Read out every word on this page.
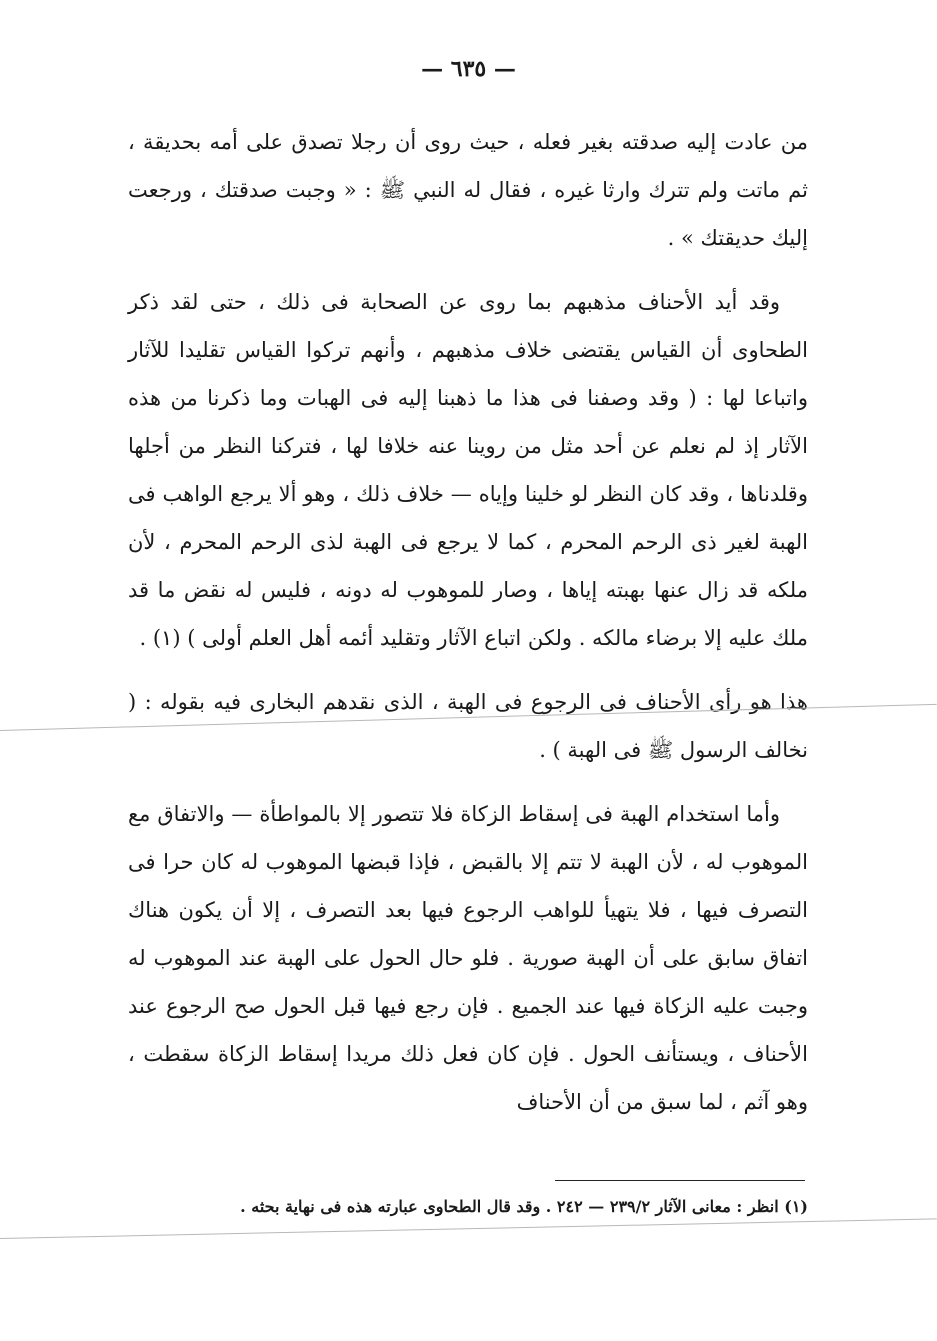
— ٦٣٥ —

من عادت إليه صدقته بغير فعله ، حيث روى أن رجلا تصدق على أمه بحديقة ، ثم ماتت ولم تترك وارثا غيره ، فقال له النبي ﷺ : « وجبت صدقتك ، ورجعت إليك حديقتك » .

وقد أيد الأحناف مذهبهم بما روى عن الصحابة فى ذلك ، حتى لقد ذكر الطحاوى أن القياس يقتضى خلاف مذهبهم ، وأنهم تركوا القياس تقليدا للآثار واتباعا لها : ( وقد وصفنا فى هذا ما ذهبنا إليه فى الهبات وما ذكرنا من هذه الآثار إذ لم نعلم عن أحد مثل من روينا عنه خلافا لها ، فتركنا النظر من أجلها وقلدناها ، وقد كان النظر لو خلينا وإياه — خلاف ذلك ، وهو ألا يرجع الواهب فى الهبة لغير ذى الرحم المحرم ، كما لا يرجع فى الهبة لذى الرحم المحرم ، لأن ملكه قد زال عنها بهبته إياها ، وصار للموهوب له دونه ، فليس له نقض ما قد ملك عليه إلا برضاء مالكه . ولكن اتباع الآثار وتقليد أئمه أهل العلم أولى ) (١) .

هذا هو رأى الأحناف فى الرجوع فى الهبة ، الذى نقدهم البخارى فيه بقوله : ( نخالف الرسول ﷺ فى الهبة ) .

وأما استخدام الهبة فى إسقاط الزكاة فلا تتصور إلا بالمواطأة — والاتفاق مع الموهوب له ، لأن الهبة لا تتم إلا بالقبض ، فإذا قبضها الموهوب له كان حرا فى التصرف فيها ، فلا يتهيأ للواهب الرجوع فيها بعد التصرف ، إلا أن يكون هناك اتفاق سابق على أن الهبة صورية . فلو حال الحول على الهبة عند الموهوب له وجبت عليه الزكاة فيها عند الجميع . فإن رجع فيها قبل الحول صح الرجوع عند الأحناف ، ويستأنف الحول . فإن كان فعل ذلك مريدا إسقاط الزكاة سقطت ، وهو آثم ، لما سبق من أن الأحناف

(١) انظر : معانى الآثار ٢٣٩/٢ — ٢٤٢ . وقد قال الطحاوى عبارته هذه فى نهاية بحثه .
